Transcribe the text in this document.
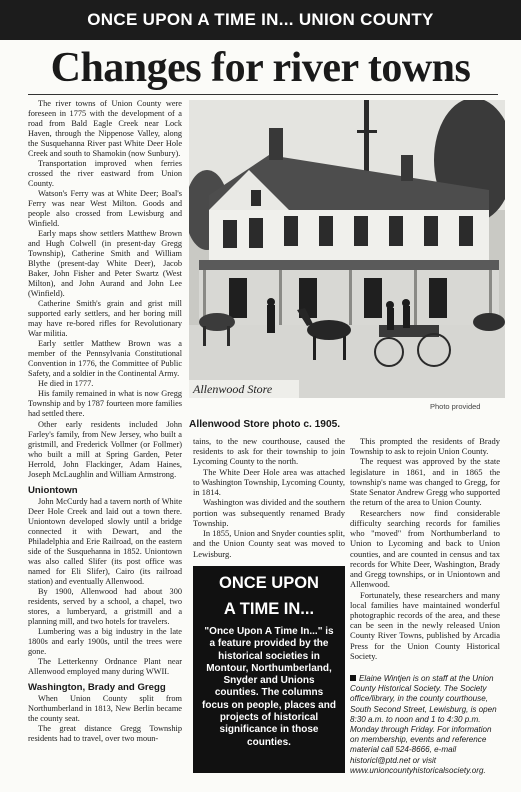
ONCE UPON A TIME IN... UNION COUNTY
Changes for river towns

The river towns of Union County were foreseen in 1775 with the development of a road from Bald Eagle Creek near Lock Haven, through the Nippenose Valley, along the Susquehanna River past White Deer Hole Creek and south to Shamokin (now Sunbury).

Transportation improved when ferries crossed the river eastward from Union County.

Watson's Ferry was at White Deer; Boal's Ferry was near West Milton. Goods and people also crossed from Lewisburg and Winfield.

Early maps show settlers Matthew Brown and Hugh Colwell (in present-day Gregg Township), Catherine Smith and William Blythe (present-day White Deer), Jacob Baker, John Fisher and Peter Swartz (West Milton), and John Aurand and John Lee (Winfield).

Catherine Smith's grain and grist mill supported early settlers, and her boring mill may have re-bored rifles for Revolutionary War militia.

Early settler Matthew Brown was a member of the Pennsylvania Constitutional Convention in 1776, the Committee of Public Safety, and a soldier in the Continental Army.

He died in 1777.

His family remained in what is now Gregg Township and by 1787 fourteen more families had settled there.

Other early residents included John Farley's family, from New Jersey, who built a gristmill, and Frederick Vollmer (or Follmer) who built a mill at Spring Garden, Peter Herrold, John Flackinger, Adam Haines, Joseph McLaughlin and William Armstrong.

Uniontown

John McCurdy had a tavern north of White Deer Hole Creek and laid out a town there. Uniontown developed slowly until a bridge connected it with Dewart, and the Philadelphia and Erie Railroad, on the eastern side of the Susquehanna in 1852. Uniontown was also called Slifer (its post office was named for Eli Slifer), Cairo (its railroad station) and eventually Allenwood.

By 1900, Allenwood had about 300 residents, served by a school, a chapel, two stores, a lumberyard, a gristmill and a planning mill, and two hotels for travelers.

Lumbering was a big industry in the late 1800s and early 1900s, until the trees were gone.

The Letterkenny Ordnance Plant near Allenwood employed many during WWII.

Washington, Brady and Gregg

When Union County split from Northumberland in 1813, New Berlin became the county seat.

The great distance Gregg Township residents had to travel, over two moun-

Allenwood Store
Photo provided
Allenwood Store photo c. 1905.

tains, to the new courthouse, caused the residents to ask for their township to join Lycoming County to the north.

The White Deer Hole area was attached to Washington Township, Lycoming County, in 1814.

Washington was divided and the southern portion was subsequently renamed Brady Township.

In 1855, Union and Snyder counties split, and the Union County seat was moved to Lewisburg.

This prompted the residents of Brady Township to ask to rejoin Union County.

The request was approved by the state legislature in 1861, and in 1865 the township's name was changed to Gregg, for State Senator Andrew Gregg who supported the return of the area to Union County.

Researchers now find considerable difficulty searching records for families who "moved" from Northumberland to Union to Lycoming and back to Union counties, and are counted in census and tax records for White Deer, Washington, Brady and Gregg townships, or in Uniontown and Allenwood.

Fortunately, these researchers and many local families have maintained wonderful photographic records of the area, and these can be seen in the newly released Union County River Towns, published by Arcadia Press for the Union County Historical Society.

ONCE UPON
A TIME IN...
"Once Upon A Time In..." is a feature provided by the historical societies in Montour, Northumberland, Snyder and Unions counties. The columns focus on people, places and projects of historical significance in those counties.
Elaine Wintjen is on staff at the Union County Historical Society. The Society office/library, in the county courthouse, South Second Street, Lewisburg, is open 8:30 a.m. to noon and 1 to 4:30 p.m. Monday through Friday. For information on membership, events and reference material call 524-8666, e-mail historicl@ptd.net or visit www.unioncountyhistoricalsociety.org.
